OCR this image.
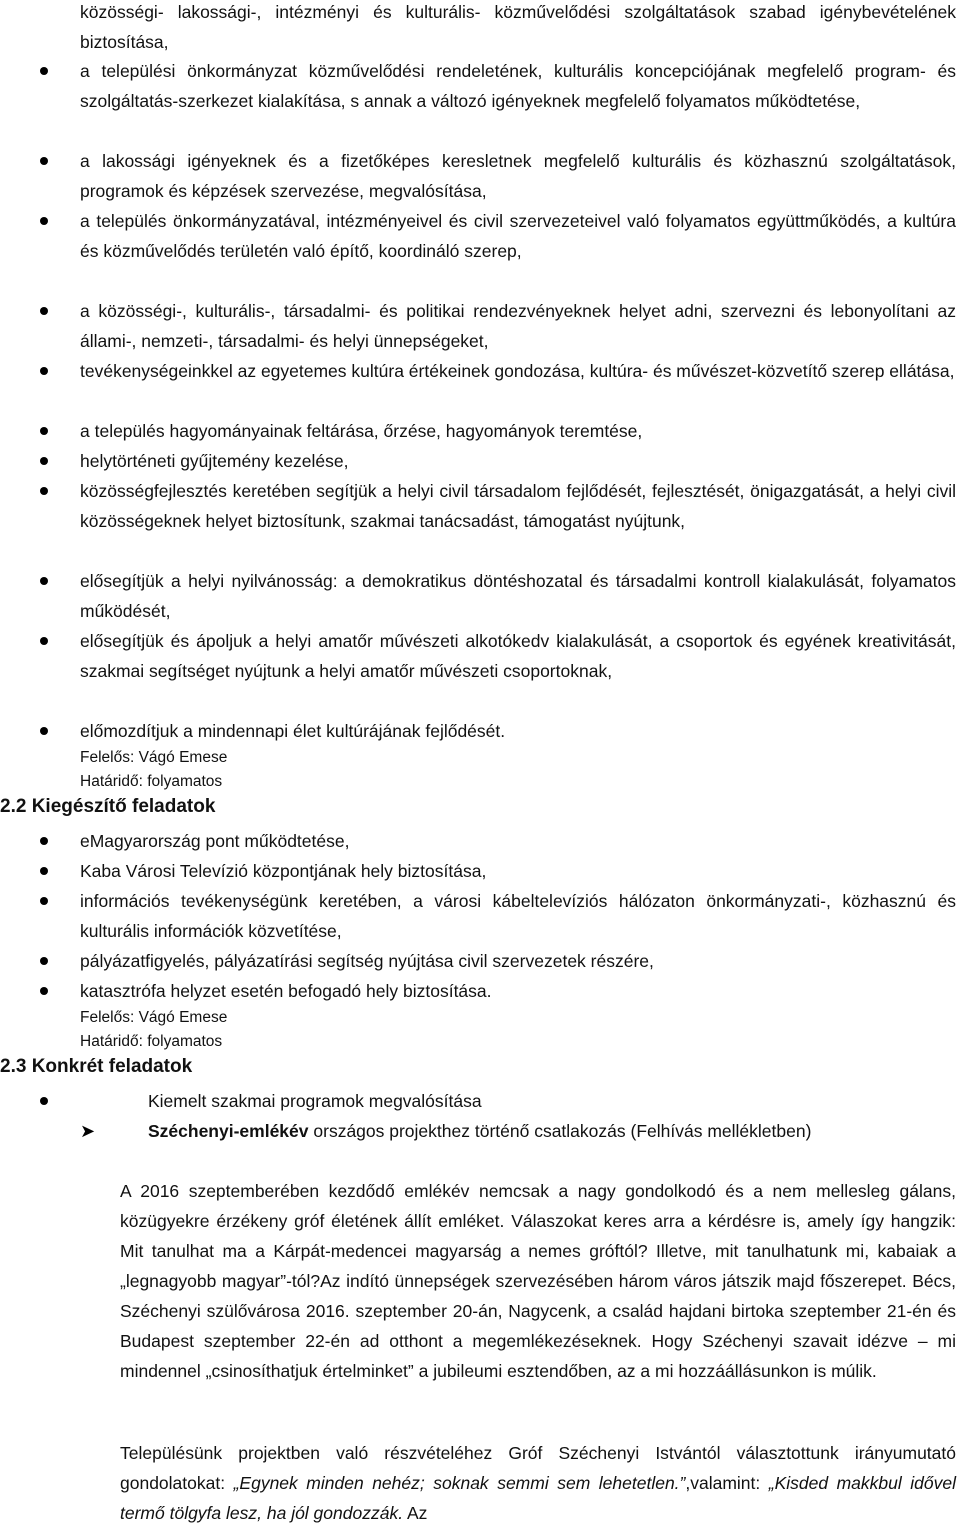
közösségi- lakossági-, intézményi és kulturális- közművelődési szolgáltatások szabad igénybevételének biztosítása,
a települési önkormányzat közművelődési rendeletének, kulturális koncepciójának megfelelő program- és szolgáltatás-szerkezet kialakítása, s annak a változó igényeknek megfelelő folyamatos működtetése,
a lakossági igényeknek és a fizetőképes keresletnek megfelelő kulturális és közhasznú szolgáltatások, programok és képzések szervezése, megvalósítása,
a település önkormányzatával, intézményeivel és civil szervezeteivel való folyamatos együttműködés, a kultúra és közművelődés területén való építő, koordináló szerep,
a közösségi-, kulturális-, társadalmi- és politikai rendezvényeknek helyet adni, szervezni és lebonyolítani az állami-, nemzeti-, társadalmi- és helyi ünnepségeket,
tevékenységeinkkel az egyetemes kultúra értékeinek gondozása, kultúra- és művészet-közvetítő szerep ellátása,
a település hagyományainak feltárása, őrzése, hagyományok teremtése,
helytörténeti gyűjtemény kezelése,
közösségfejlesztés keretében segítjük a helyi civil társadalom fejlődését, fejlesztését, önigazgatását, a helyi civil közösségeknek helyet biztosítunk, szakmai tanácsadást, támogatást nyújtunk,
elősegítjük a helyi nyilvánosság: a demokratikus döntéshozatal és társadalmi kontroll kialakulását, folyamatos működését,
elősegítjük és ápoljuk a helyi amatőr művészeti alkotókedv kialakulását, a csoportok és egyének kreativitását, szakmai segítséget nyújtunk a helyi amatőr művészeti csoportoknak,
előmozdítjuk a mindennapi élet kultúrájának fejlődését.
Felelős: Vágó Emese
Határidő: folyamatos
2.2 Kiegészítő feladatok
eMagyarország pont működtetése,
Kaba Városi Televízió központjának hely biztosítása,
információs tevékenységünk keretében, a városi kábeltelevíziós hálózaton önkormányzati-, közhasznú és kulturális információk közvetítése,
pályázatfigyelés, pályázatírási segítség nyújtása civil szervezetek részére,
katasztrófa helyzet esetén befogadó hely biztosítása.
Felelős: Vágó Emese
Határidő: folyamatos
2.3 Konkrét feladatok
Kiemelt szakmai programok megvalósítása
➤	Széchenyi-emlékév országos projekthez történő csatlakozás (Felhívás mellékletben)
A 2016 szeptemberében kezdődő emlékév nemcsak a nagy gondolkodó és a nem mellesleg gálans, közügyekre érzékeny gróf életének állít emléket. Válaszokat keres arra a kérdésre is, amely így hangzik: Mit tanulhat ma a Kárpát-medencei magyarság a nemes gróftól? Illetve, mit tanulhatunk mi, kabaiak a „legnagyobb magyar”-tól?Az indító ünnepségek szervezésében három város játszik majd főszerepet. Bécs, Széchenyi szülővárosa 2016. szeptember 20-án, Nagycenk, a család hajdani birtoka szeptember 21-én és Budapest szeptember 22-én ad otthont a megemlékezéseknek. Hogy Széchenyi szavait idézve – mi mindennel „csinosíthatjuk értelminket” a jubileumi esztendőben, az a mi hozzáállásunkon is múlik.
Településünk projektben való részvételéhez Gróf Széchenyi Istvántól választottunk irányumutató gondolatokat: „Egynek minden nehéz; soknak semmi sem lehetetlen.”,valamint: „Kisded makkbul idővel termő tölgyfa lesz, ha jól gondozzák. Az
